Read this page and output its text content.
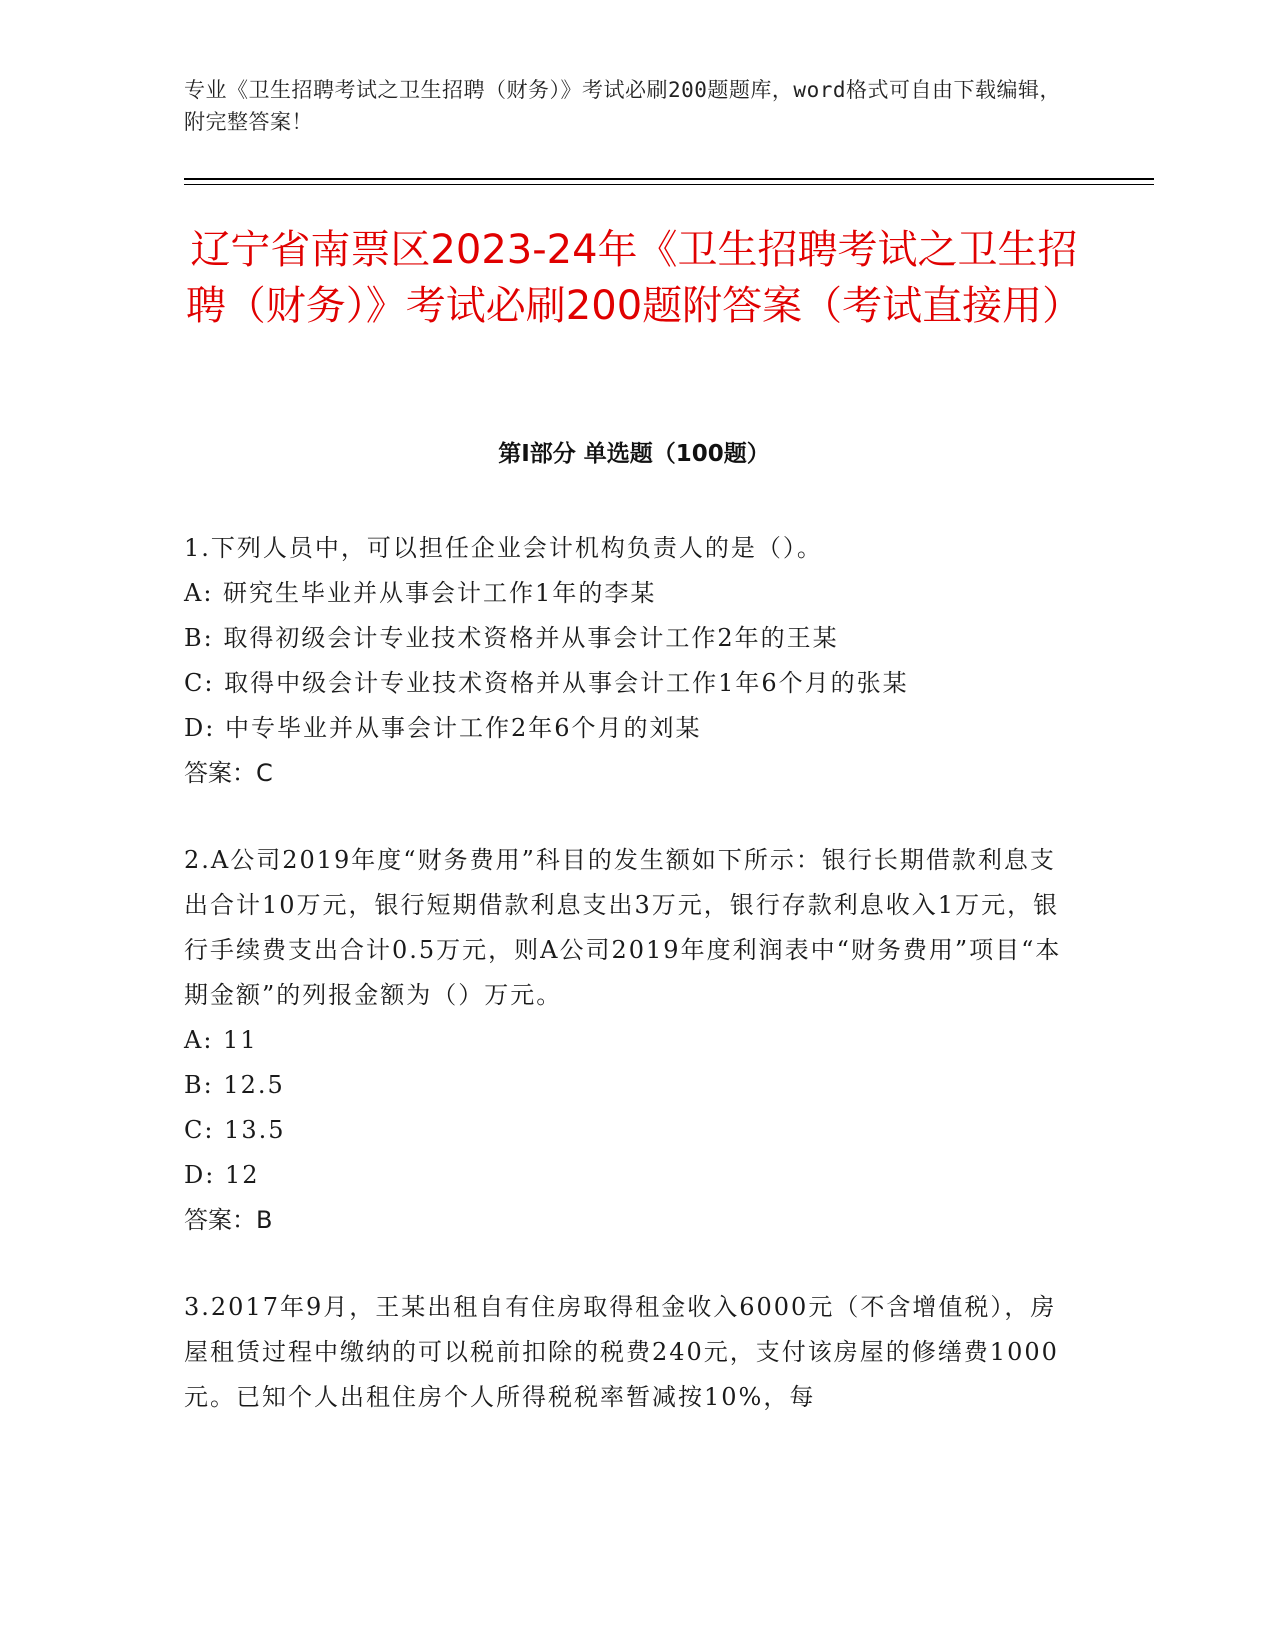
专业《卫生招聘考试之卫生招聘（财务）》考试必刷200题题库，word格式可自由下载编辑，附完整答案！
辽宁省南票区2023-24年《卫生招聘考试之卫生招聘（财务）》考试必刷200题附答案（考试直接用）
第Ⅰ部分 单选题（100题）

1.下列人员中，可以担任企业会计机构负责人的是（）。

A: 研究生毕业并从事会计工作1年的李某

B: 取得初级会计专业技术资格并从事会计工作2年的王某

C: 取得中级会计专业技术资格并从事会计工作1年6个月的张某

D: 中专毕业并从事会计工作2年6个月的刘某

答案：C

2.A公司2019年度“财务费用”科目的发生额如下所示：银行长期借款利息支出合计10万元，银行短期借款利息支出3万元，银行存款利息收入1万元，银行手续费支出合计0.5万元，则A公司2019年度利润表中“财务费用”项目“本期金额”的列报金额为（）万元。

A: 11

B: 12.5

C: 13.5

D: 12

答案：B

3.2017年9月，王某出租自有住房取得租金收入6000元（不含增值税），房屋租赁过程中缴纳的可以税前扣除的税费240元，支付该房屋的修缮费1000元。已知个人出租住房个人所得税税率暂减按10%，每
